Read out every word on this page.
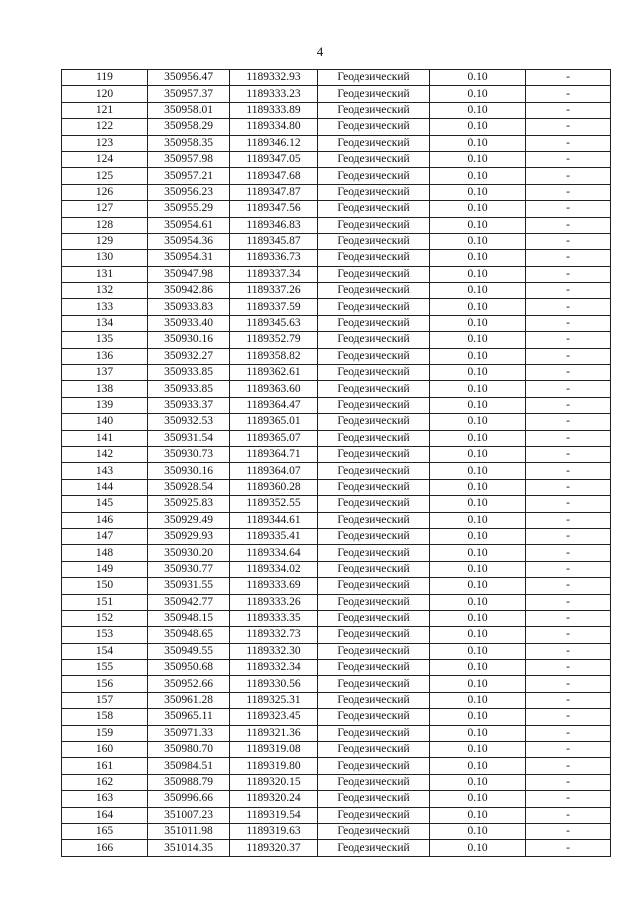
4
119	350956.47	1189332.93	Геодезический	0.10	-
120	350957.37	1189333.23	Геодезический	0.10	-
121	350958.01	1189333.89	Геодезический	0.10	-
122	350958.29	1189334.80	Геодезический	0.10	-
123	350958.35	1189346.12	Геодезический	0.10	-
124	350957.98	1189347.05	Геодезический	0.10	-
125	350957.21	1189347.68	Геодезический	0.10	-
126	350956.23	1189347.87	Геодезический	0.10	-
127	350955.29	1189347.56	Геодезический	0.10	-
128	350954.61	1189346.83	Геодезический	0.10	-
129	350954.36	1189345.87	Геодезический	0.10	-
130	350954.31	1189336.73	Геодезический	0.10	-
131	350947.98	1189337.34	Геодезический	0.10	-
132	350942.86	1189337.26	Геодезический	0.10	-
133	350933.83	1189337.59	Геодезический	0.10	-
134	350933.40	1189345.63	Геодезический	0.10	-
135	350930.16	1189352.79	Геодезический	0.10	-
136	350932.27	1189358.82	Геодезический	0.10	-
137	350933.85	1189362.61	Геодезический	0.10	-
138	350933.85	1189363.60	Геодезический	0.10	-
139	350933.37	1189364.47	Геодезический	0.10	-
140	350932.53	1189365.01	Геодезический	0.10	-
141	350931.54	1189365.07	Геодезический	0.10	-
142	350930.73	1189364.71	Геодезический	0.10	-
143	350930.16	1189364.07	Геодезический	0.10	-
144	350928.54	1189360.28	Геодезический	0.10	-
145	350925.83	1189352.55	Геодезический	0.10	-
146	350929.49	1189344.61	Геодезический	0.10	-
147	350929.93	1189335.41	Геодезический	0.10	-
148	350930.20	1189334.64	Геодезический	0.10	-
149	350930.77	1189334.02	Геодезический	0.10	-
150	350931.55	1189333.69	Геодезический	0.10	-
151	350942.77	1189333.26	Геодезический	0.10	-
152	350948.15	1189333.35	Геодезический	0.10	-
153	350948.65	1189332.73	Геодезический	0.10	-
154	350949.55	1189332.30	Геодезический	0.10	-
155	350950.68	1189332.34	Геодезический	0.10	-
156	350952.66	1189330.56	Геодезический	0.10	-
157	350961.28	1189325.31	Геодезический	0.10	-
158	350965.11	1189323.45	Геодезический	0.10	-
159	350971.33	1189321.36	Геодезический	0.10	-
160	350980.70	1189319.08	Геодезический	0.10	-
161	350984.51	1189319.80	Геодезический	0.10	-
162	350988.79	1189320.15	Геодезический	0.10	-
163	350996.66	1189320.24	Геодезический	0.10	-
164	351007.23	1189319.54	Геодезический	0.10	-
165	351011.98	1189319.63	Геодезический	0.10	-
166	351014.35	1189320.37	Геодезический	0.10	-
